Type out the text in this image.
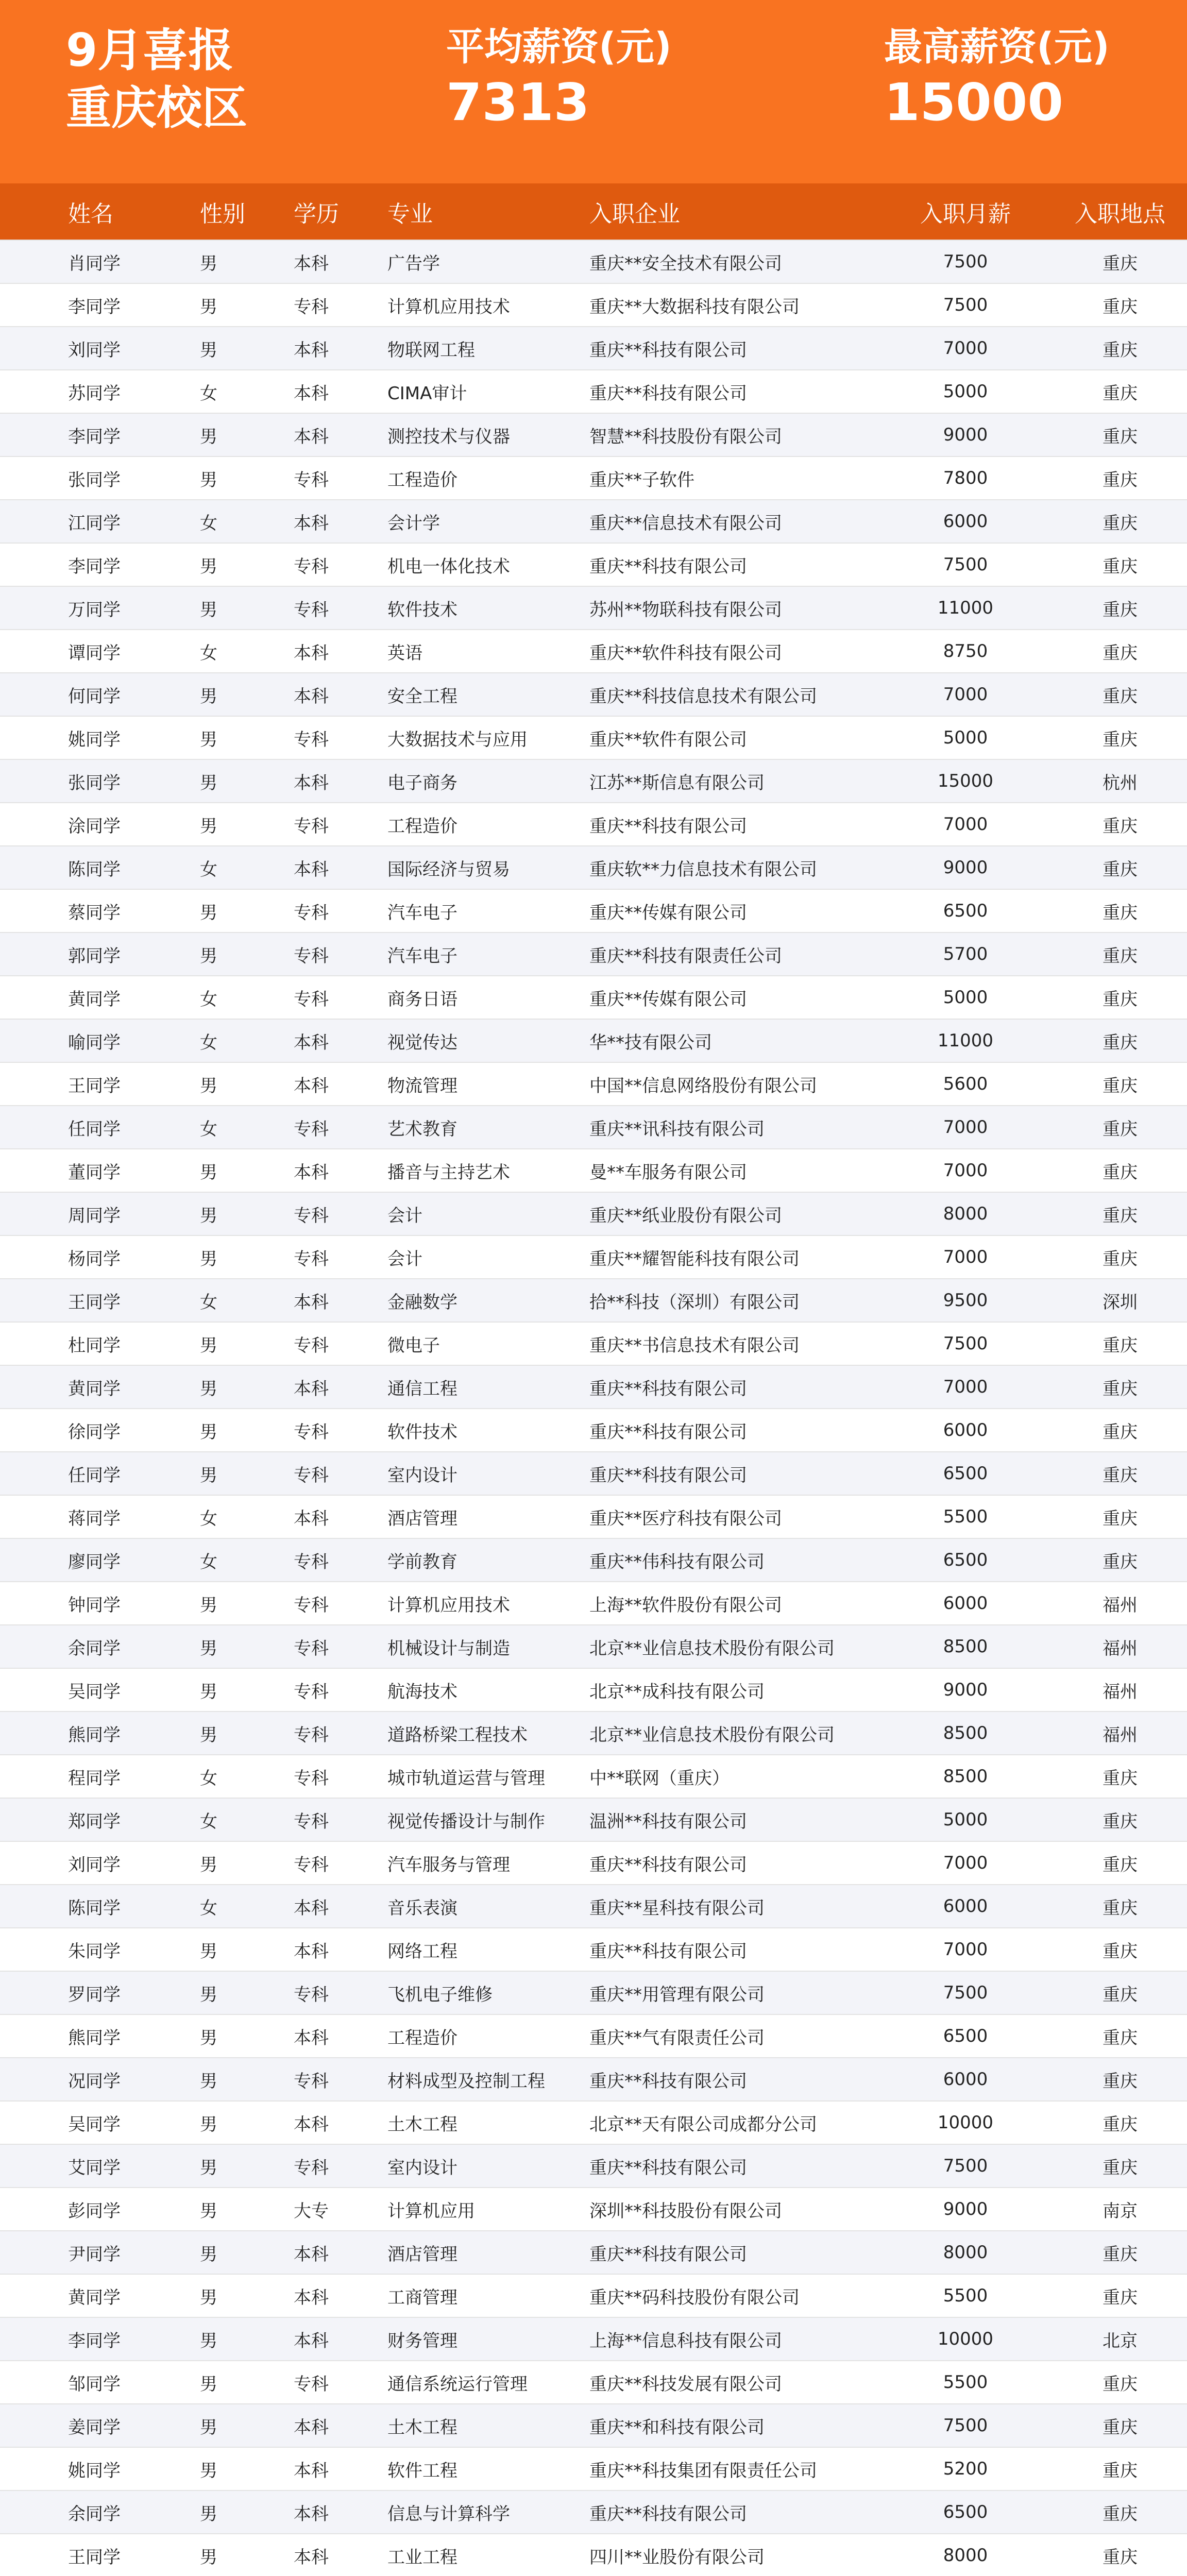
9月喜报
重庆校区
平均薪资(元)
7313
最高薪资(元)
15000
姓名	性别	学历	专业	入职企业	入职月薪	入职地点
肖同学	男	本科	广告学	重庆**安全技术有限公司	7500	重庆
李同学	男	专科	计算机应用技术	重庆**大数据科技有限公司	7500	重庆
刘同学	男	本科	物联网工程	重庆**科技有限公司	7000	重庆
苏同学	女	本科	CIMA审计	重庆**科技有限公司	5000	重庆
李同学	男	本科	测控技术与仪器	智慧**科技股份有限公司	9000	重庆
张同学	男	专科	工程造价	重庆**子软件	7800	重庆
江同学	女	本科	会计学	重庆**信息技术有限公司	6000	重庆
李同学	男	专科	机电一体化技术	重庆**科技有限公司	7500	重庆
万同学	男	专科	软件技术	苏州**物联科技有限公司	11000	重庆
谭同学	女	本科	英语	重庆**软件科技有限公司	8750	重庆
何同学	男	本科	安全工程	重庆**科技信息技术有限公司	7000	重庆
姚同学	男	专科	大数据技术与应用	重庆**软件有限公司	5000	重庆
张同学	男	本科	电子商务	江苏**斯信息有限公司	15000	杭州
涂同学	男	专科	工程造价	重庆**科技有限公司	7000	重庆
陈同学	女	本科	国际经济与贸易	重庆软**力信息技术有限公司	9000	重庆
蔡同学	男	专科	汽车电子	重庆**传媒有限公司	6500	重庆
郭同学	男	专科	汽车电子	重庆**科技有限责任公司	5700	重庆
黄同学	女	专科	商务日语	重庆**传媒有限公司	5000	重庆
喻同学	女	本科	视觉传达	华**技有限公司	11000	重庆
王同学	男	本科	物流管理	中国**信息网络股份有限公司	5600	重庆
任同学	女	专科	艺术教育	重庆**讯科技有限公司	7000	重庆
董同学	男	本科	播音与主持艺术	曼**车服务有限公司	7000	重庆
周同学	男	专科	会计	重庆**纸业股份有限公司	8000	重庆
杨同学	男	专科	会计	重庆**耀智能科技有限公司	7000	重庆
王同学	女	本科	金融数学	拾**科技（深圳）有限公司	9500	深圳
杜同学	男	专科	微电子	重庆**书信息技术有限公司	7500	重庆
黄同学	男	本科	通信工程	重庆**科技有限公司	7000	重庆
徐同学	男	专科	软件技术	重庆**科技有限公司	6000	重庆
任同学	男	专科	室内设计	重庆**科技有限公司	6500	重庆
蒋同学	女	本科	酒店管理	重庆**医疗科技有限公司	5500	重庆
廖同学	女	专科	学前教育	重庆**伟科技有限公司	6500	重庆
钟同学	男	专科	计算机应用技术	上海**软件股份有限公司	6000	福州
余同学	男	专科	机械设计与制造	北京**业信息技术股份有限公司	8500	福州
吴同学	男	专科	航海技术	北京**成科技有限公司	9000	福州
熊同学	男	专科	道路桥梁工程技术	北京**业信息技术股份有限公司	8500	福州
程同学	女	专科	城市轨道运营与管理	中**联网（重庆）	8500	重庆
郑同学	女	专科	视觉传播设计与制作	温洲**科技有限公司	5000	重庆
刘同学	男	专科	汽车服务与管理	重庆**科技有限公司	7000	重庆
陈同学	女	本科	音乐表演	重庆**星科技有限公司	6000	重庆
朱同学	男	本科	网络工程	重庆**科技有限公司	7000	重庆
罗同学	男	专科	飞机电子维修	重庆**用管理有限公司	7500	重庆
熊同学	男	本科	工程造价	重庆**气有限责任公司	6500	重庆
况同学	男	专科	材料成型及控制工程	重庆**科技有限公司	6000	重庆
吴同学	男	本科	土木工程	北京**天有限公司成都分公司	10000	重庆
艾同学	男	专科	室内设计	重庆**科技有限公司	7500	重庆
彭同学	男	大专	计算机应用	深圳**科技股份有限公司	9000	南京
尹同学	男	本科	酒店管理	重庆**科技有限公司	8000	重庆
黄同学	男	本科	工商管理	重庆**码科技股份有限公司	5500	重庆
李同学	男	本科	财务管理	上海**信息科技有限公司	10000	北京
邹同学	男	专科	通信系统运行管理	重庆**科技发展有限公司	5500	重庆
姜同学	男	本科	土木工程	重庆**和科技有限公司	7500	重庆
姚同学	男	本科	软件工程	重庆**科技集团有限责任公司	5200	重庆
余同学	男	本科	信息与计算科学	重庆**科技有限公司	6500	重庆
王同学	男	本科	工业工程	四川**业股份有限公司	8000	重庆
